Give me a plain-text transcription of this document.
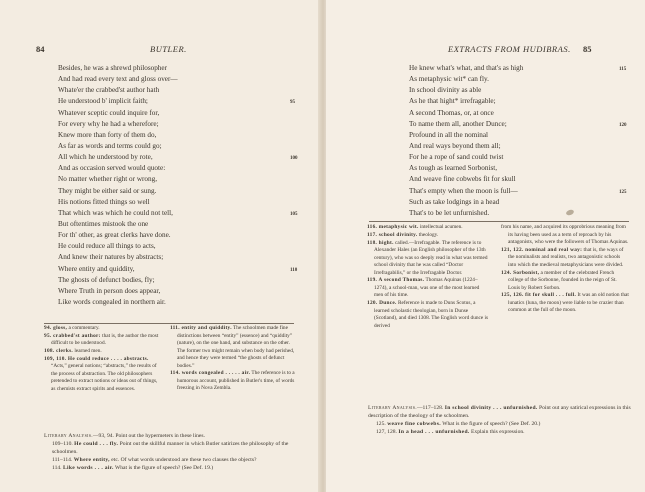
84	BUTLER.
Besides, he was a shrewd philosopher
And had read every text and gloss over—
Whate'er the crabbed'st author hath
He understood b' implicit faith;	95
Whatever sceptic could inquire for,
For every why he had a wherefore;
Knew more than forty of them do,
As far as words and terms could go;
All which he understood by rote,	100
And as occasion served would quote:
No matter whether right or wrong,
They might be either said or sung.
His notions fitted things so well
That which was which he could not tell,	105
But oftentimes mistook the one
For th' other, as great clerks have done.
He could reduce all things to acts,
And knew their natures by abstracts;
Where entity and quiddity,	110
The ghosts of defunct bodies, fly;
Where Truth in person does appear,
Like words congealed in northern air.

94. gloss, a commentary.

95. crabbed'st author: that is, the author the most difficult to be understood.

108. clerks. learned men.

109, 110. He could reduce . . . . abstracts. “Acts,” general notions; “abstracts,” the results of the process of abstraction. The old philosophers pretended to extract notions or ideas out of things, as chemists extract spirits and essences.

111. entity and quiddity. The schoolmen made fine distinctions between “entity” (essence) and “quiddity” (nature), on the one hand, and substance on the other. The former two might remain when body had perished, and hence they were termed “the ghosts of defunct bodies.”

114. words congealed . . . . . air. The reference is to a humorous account, published in Butler's time, of words freezing in Nova Zembla.

Literary Analysis.—93, 94. Point out the hypermeters in these lines.

109–110. He could . . . fly. Point out the skillful manner in which Butler satirizes the philosophy of the schoolmen.

111–114. Where entity, etc. Of what words understood are these two clauses the objects?

114. Like words . . . air. What is the figure of speech? (See Def. 19.)

EXTRACTS FROM HUDIBRAS. 85
He knew what's what, and that's as high	115
As metaphysic wit* can fly.
In school divinity as able
As he that hight* irrefragable;
A second Thomas, or, at once
To name them all, another Dunce;	120
Profound in all the nominal
And real ways beyond them all;
For he a rope of sand could twist
As tough as learned Sorbonist,
And weave fine cobwebs fit for skull
That's empty when the moon is full—	125
Such as take lodgings in a head
That's to be let unfurnished.

116. metaphysic wit. intellectual acumen.

117. school divinity. theology.

118. hight. called.—Irrefragable. The reference is to Alexander Hales (an English philosopher of the 13th century), who was so deeply read in what was termed school divinity that he was called “Doctor Irrefragabilis,” or the Irrefragable Doctor.

119. A second Thomas. Thomas Aquinas (1224–1274), a school-man, was one of the most learned men of his time.

120. Dunce. Reference is made to Duns Scotus, a learned scholastic theologian, born in Dunse (Scotland), and died 1308. The English word dunce is derived

from his name, and acquired its opprobrious meaning from its having been used as a term of reproach by his antagonists, who were the followers of Thomas Aquinas.

121, 122. nominal and real way: that is, the ways of the nominalists and realists, two antagonistic schools into which the medieval metaphysicians were divided.

124. Sorbonist, a member of the celebrated French college of the Sorbonne, founded in the reign of St. Louis by Robert Sorbon.

125, 126. fit for skull . . . full. It was an old notion that lunatics (luna, the moon) were liable to be crazier than common at the full of the moon.

Literary Analysis.—117–128. In school divinity . . . unfurnished. Point out any satirical expressions in this description of the theology of the schoolmen.

125. weave fine cobwebs. What is the figure of speech? (See Def. 20.)

127, 128. In a head . . . unfurnished. Explain this expression.
